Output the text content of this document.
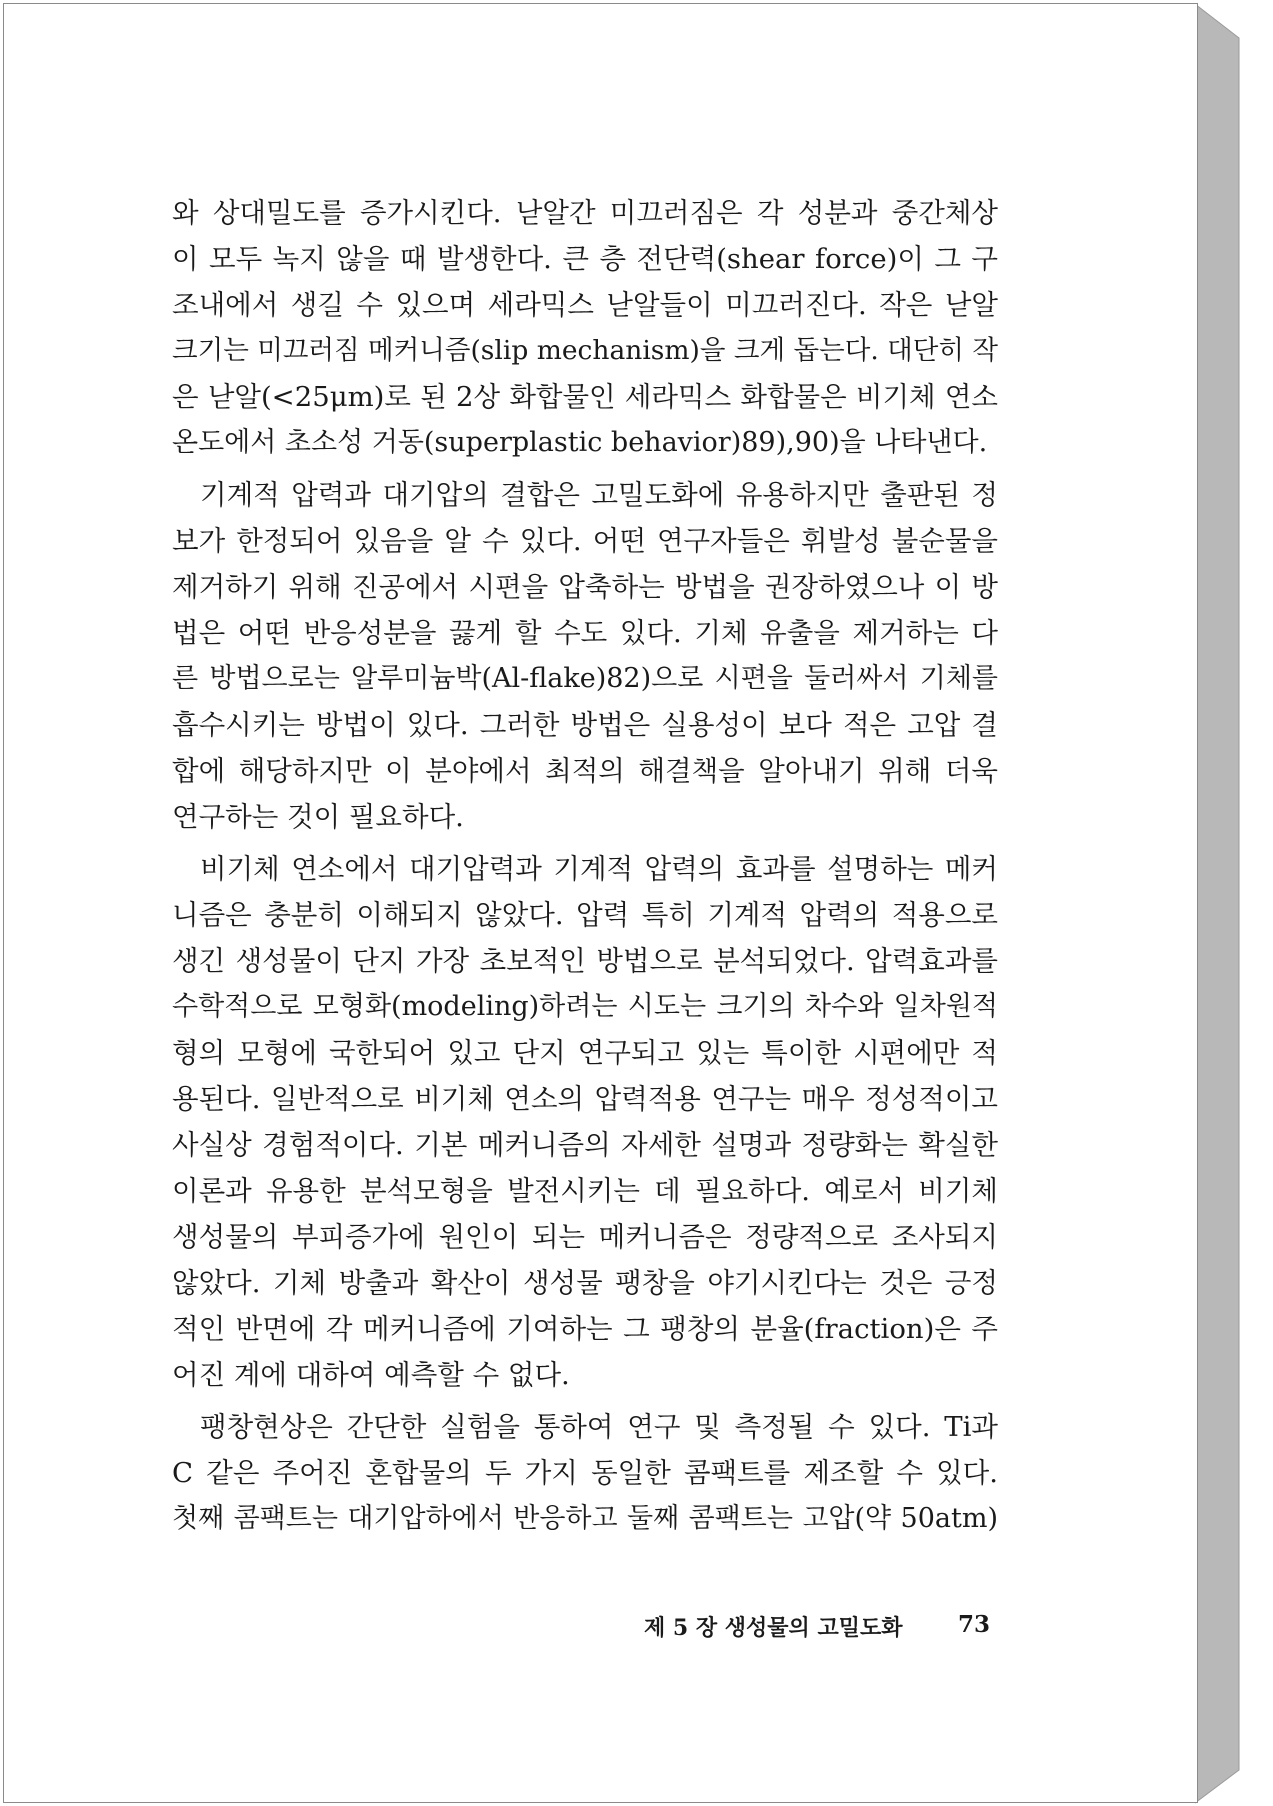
와 상대밀도를 증가시킨다. 낟알간 미끄러짐은 각 성분과 중간체상
이 모두 녹지 않을 때 발생한다. 큰 층 전단력(shear force)이 그 구
조내에서 생길 수 있으며 세라믹스 낟알들이 미끄러진다. 작은 낟알
크기는 미끄러짐 메커니즘(slip mechanism)을 크게 돕는다. 대단히 작
은 낟알(<25μm)로 된 2상 화합물인 세라믹스 화합물은 비기체 연소
온도에서 초소성 거동(superplastic behavior)89),90)을 나타낸다.
기계적 압력과 대기압의 결합은 고밀도화에 유용하지만 출판된 정
보가 한정되어 있음을 알 수 있다. 어떤 연구자들은 휘발성 불순물을
제거하기 위해 진공에서 시편을 압축하는 방법을 권장하였으나 이 방
법은 어떤 반응성분을 끓게 할 수도 있다. 기체 유출을 제거하는 다
른 방법으로는 알루미늄박(Al-flake)82)으로 시편을 둘러싸서 기체를
흡수시키는 방법이 있다. 그러한 방법은 실용성이 보다 적은 고압 결
합에 해당하지만 이 분야에서 최적의 해결책을 알아내기 위해 더욱
연구하는 것이 필요하다.
비기체 연소에서 대기압력과 기계적 압력의 효과를 설명하는 메커
니즘은 충분히 이해되지 않았다. 압력 특히 기계적 압력의 적용으로
생긴 생성물이 단지 가장 초보적인 방법으로 분석되었다. 압력효과를
수학적으로 모형화(modeling)하려는 시도는 크기의 차수와 일차원적
형의 모형에 국한되어 있고 단지 연구되고 있는 특이한 시편에만 적
용된다. 일반적으로 비기체 연소의 압력적용 연구는 매우 정성적이고
사실상 경험적이다. 기본 메커니즘의 자세한 설명과 정량화는 확실한
이론과 유용한 분석모형을 발전시키는 데 필요하다. 예로서 비기체
생성물의 부피증가에 원인이 되는 메커니즘은 정량적으로 조사되지
않았다. 기체 방출과 확산이 생성물 팽창을 야기시킨다는 것은 긍정
적인 반면에 각 메커니즘에 기여하는 그 팽창의 분율(fraction)은 주
어진 계에 대하여 예측할 수 없다.
팽창현상은 간단한 실험을 통하여 연구 및 측정될 수 있다. Ti과
C 같은 주어진 혼합물의 두 가지 동일한 콤팩트를 제조할 수 있다.
첫째 콤팩트는 대기압하에서 반응하고 둘째 콤팩트는 고압(약 50atm)
제 5 장 생성물의 고밀도화 73
